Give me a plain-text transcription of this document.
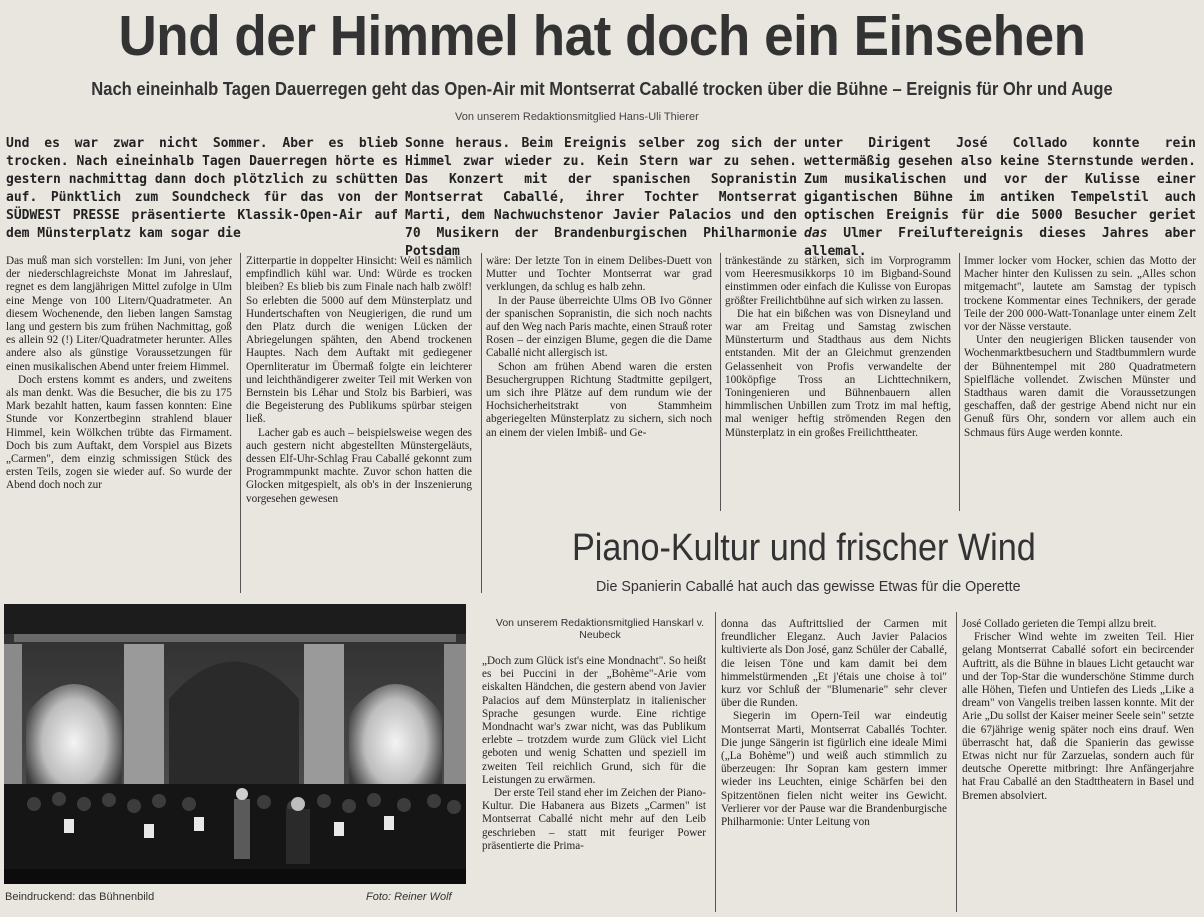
Und der Himmel hat doch ein Einsehen
Nach eineinhalb Tagen Dauerregen geht das Open-Air mit Montserrat Caballé trocken über die Bühne – Ereignis für Ohr und Auge
Von unserem Redaktionsmitglied Hans-Uli Thierer
Und es war zwar nicht Sommer. Aber es blieb trocken. Nach eineinhalb Tagen Dauerregen hörte es gestern nachmittag dann doch plötzlich zu schütten auf. Pünktlich zum Soundcheck für das von der SÜDWEST PRESSE präsentierte Klassik-Open-Air auf dem Münsterplatz kam sogar die
Sonne heraus. Beim Ereignis selber zog sich der Himmel zwar wieder zu. Kein Stern war zu sehen. Das Konzert mit der spanischen Sopranistin Montserrat Caballé, ihrer Tochter Montserrat Marti, dem Nachwuchstenor Javier Palacios und den 70 Musikern der Brandenburgischen Philharmonie Potsdam
unter Dirigent José Collado konnte rein wettermäßig gesehen also keine Sternstunde werden. Zum musikalischen und vor der Kulisse einer gigantischen Bühne im antiken Tempelstil auch optischen Ereignis für die 5000 Besucher geriet das Ulmer Freiluftereignis dieses Jahres aber allemal.

Das muß man sich vorstellen: Im Juni, von jeher der niederschlagreichste Monat im Jahreslauf, regnet es dem langjährigen Mittel zufolge in Ulm eine Menge von 100 Litern/Quadratmeter. An diesem Wochenende, den lieben langen Samstag lang und gestern bis zum frühen Nachmittag, goß es allein 92 (!) Liter/Quadratmeter herunter. Alles andere also als günstige Voraussetzungen für einen musikalischen Abend unter freiem Himmel.

Doch erstens kommt es anders, und zweitens als man denkt. Was die Besucher, die bis zu 175 Mark bezahlt hatten, kaum fassen konnten: Eine Stunde vor Konzertbeginn strahlend blauer Himmel, kein Wölkchen trübte das Firmament. Doch bis zum Auftakt, dem Vorspiel aus Bizets „Carmen", dem einzig schmissigen Stück des ersten Teils, zogen sie wieder auf. So wurde der Abend doch noch zur

Zitterpartie in doppelter Hinsicht: Weil es nämlich empfindlich kühl war. Und: Würde es trocken bleiben? Es blieb bis zum Finale nach halb zwölf! So erlebten die 5000 auf dem Münsterplatz und Hundertschaften von Neugierigen, die rund um den Platz durch die wenigen Lücken der Abriegelungen spähten, den Abend trockenen Hauptes. Nach dem Auftakt mit gediegener Opernliteratur im Übermaß folgte ein leichterer und leichthändigerer zweiter Teil mit Werken von Bernstein bis Léhar und Stolz bis Barbieri, was die Begeisterung des Publikums spürbar steigen ließ.

Lacher gab es auch – beispielsweise wegen des auch gestern nicht abgestellten Münstergeläuts, dessen Elf-Uhr-Schlag Frau Caballé gekonnt zum Programmpunkt machte. Zuvor schon hatten die Glocken mitgespielt, als ob's in der Inszenierung vorgesehen gewesen

wäre: Der letzte Ton in einem Delibes-Duett von Mutter und Tochter Montserrat war grad verklungen, da schlug es halb zehn.

In der Pause überreichte Ulms OB Ivo Gönner der spanischen Sopranistin, die sich noch nachts auf den Weg nach Paris machte, einen Strauß roter Rosen – der einzigen Blume, gegen die die Dame Caballé nicht allergisch ist.

Schon am frühen Abend waren die ersten Besuchergruppen Richtung Stadtmitte gepilgert, um sich ihre Plätze auf dem rundum wie der Hochsicherheitstrakt von Stammheim abgeriegelten Münsterplatz zu sichern, sich noch an einem der vielen Imbiß- und Ge-

tränkestände zu stärken, sich im Vorprogramm vom Heeresmusikkorps 10 im Bigband-Sound einstimmen oder einfach die Kulisse von Europas größter Freilichtbühne auf sich wirken zu lassen.

Die hat ein bißchen was von Disneyland und war am Freitag und Samstag zwischen Münsterturm und Stadthaus aus dem Nichts entstanden. Mit der an Gleichmut grenzenden Gelassenheit von Profis verwandelte der 100köpfige Tross an Lichttechnikern, Toningenieren und Bühnenbauern allen himmlischen Unbillen zum Trotz im mal heftig, mal weniger heftig strömenden Regen den Münsterplatz in ein großes Freilichttheater.

Immer locker vom Hocker, schien das Motto der Macher hinter den Kulissen zu sein. „Alles schon mitgemacht", lautete am Samstag der typisch trockene Kommentar eines Technikers, der gerade Teile der 200 000-Watt-Tonanlage unter einem Zelt vor der Nässe verstaute.

Unter den neugierigen Blicken tausender von Wochenmarktbesuchern und Stadtbummlern wurde der Bühnentempel mit 280 Quadratmetern Spielfläche vollendet. Zwischen Münster und Stadthaus waren damit die Voraussetzungen geschaffen, daß der gestrige Abend nicht nur ein Genuß fürs Ohr, sondern vor allem auch ein Schmaus fürs Auge werden konnte.

Beindruckend: das Bühnenbild	Foto: Reiner Wolf
Piano-Kultur und frischer Wind
Die Spanierin Caballé hat auch das gewisse Etwas für die Operette
Von unserem Redaktionsmitglied Hanskarl v. Neubeck

„Doch zum Glück ist's eine Mondnacht". So heißt es bei Puccini in der „Bohème"-Arie vom eiskalten Händchen, die gestern abend von Javier Palacios auf dem Münsterplatz in italienischer Sprache gesungen wurde. Eine richtige Mondnacht war's zwar nicht, was das Publikum erlebte – trotzdem wurde zum Glück viel Licht geboten und wenig Schatten und speziell im zweiten Teil reichlich Grund, sich für die Leistungen zu erwärmen.

Der erste Teil stand eher im Zeichen der Piano-Kultur. Die Habanera aus Bizets „Carmen" ist Montserrat Caballé nicht mehr auf den Leib geschrieben – statt mit feuriger Power präsentierte die Prima-

donna das Auftrittslied der Carmen mit freundlicher Eleganz. Auch Javier Palacios kultivierte als Don José, ganz Schüler der Caballé, die leisen Töne und kam damit bei dem himmelstürmenden „Et j'étais une choise à toi" kurz vor Schluß der "Blumenarie" sehr clever über die Runden.

Siegerin im Opern-Teil war eindeutig Montserrat Marti, Montserrat Caballés Tochter. Die junge Sängerin ist figürlich eine ideale Mimi („La Bohème") und weiß auch stimmlich zu überzeugen: Ihr Sopran kam gestern immer wieder ins Leuchten, einige Schärfen bei den Spitzentönen fielen nicht weiter ins Gewicht. Verlierer vor der Pause war die Brandenburgische Philharmonie: Unter Leitung von

José Collado gerieten die Tempi allzu breit.

Frischer Wind wehte im zweiten Teil. Hier gelang Montserrat Caballé sofort ein becircender Auftritt, als die Bühne in blaues Licht getaucht war und der Top-Star die wunderschöne Stimme durch alle Höhen, Tiefen und Untiefen des Lieds „Like a dream" von Vangelis treiben lassen konnte. Mit der Arie „Du sollst der Kaiser meiner Seele sein" setzte die 67jährige wenig später noch eins drauf. Wen überrascht hat, daß die Spanierin das gewisse Etwas nicht nur für Zarzuelas, sondern auch für deutsche Operette mitbringt: Ihre Anfängerjahre hat Frau Caballé an den Stadttheatern in Basel und Bremen absolviert.
